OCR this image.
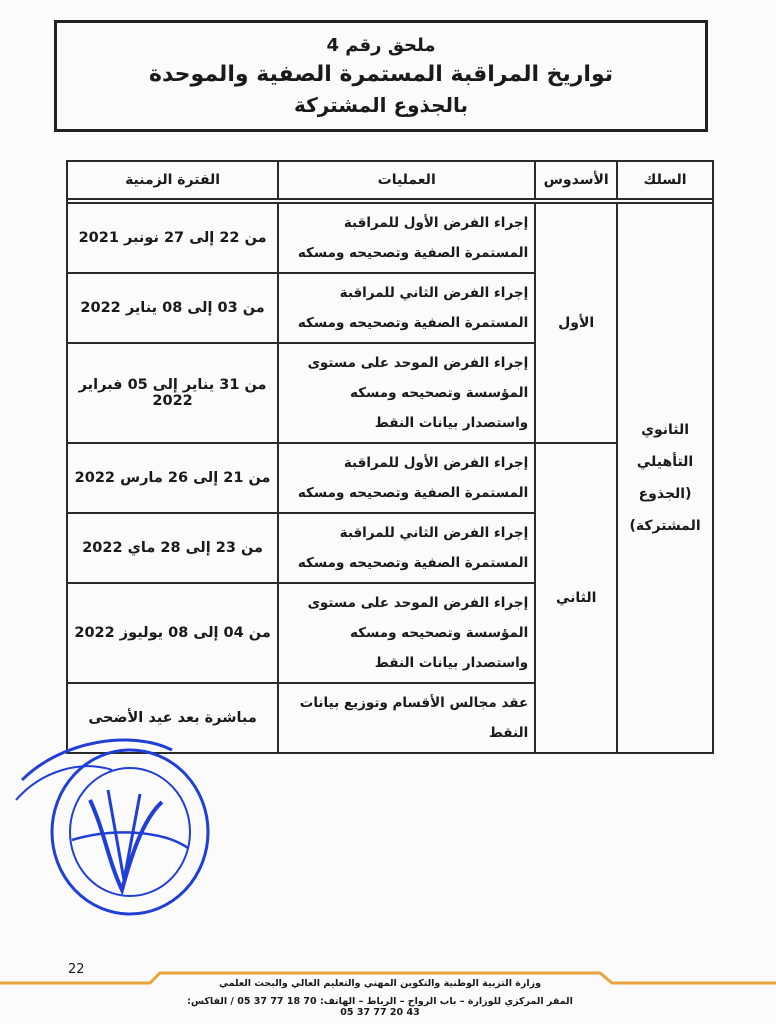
ملحق رقم 4
تواريخ المراقبة المستمرة الصفية والموحدة
بالجذوع المشتركة
السلك	الأسدوس	العمليات	الفترة الزمنية

الثانوي
التأهيلي
(الجذوع
المشتركة)	الأول	إجراء الفرض الأول للمراقبة المستمرة الصفية وتصحيحه ومسكه	من 22 إلى 27 نونبر 2021
		إجراء الفرض الثاني للمراقبة المستمرة الصفية وتصحيحه ومسكه	من 03 إلى 08 يناير 2022
		إجراء الفرض الموحد على مستوى المؤسسة وتصحيحه ومسكه واستصدار بيانات النقط	من 31 يناير إلى 05 فبراير 2022
	الثاني	إجراء الفرض الأول للمراقبة المستمرة الصفية وتصحيحه ومسكه	من 21 إلى 26 مارس 2022
		إجراء الفرض الثاني للمراقبة المستمرة الصفية وتصحيحه ومسكه	من 23 إلى 28 ماي 2022
		إجراء الفرض الموحد على مستوى المؤسسة وتصحيحه ومسكه واستصدار بيانات النقط	من 04 إلى 08 يوليوز 2022
		عقد مجالس الأقسام وتوزيع بيانات النقط	مباشرة بعد عيد الأضحى
22
وزارة التربية الوطنية والتكوين المهني والتعليم العالي والبحث العلمي
المقر المركزي للوزارة – باب الرواح – الرباط – الهاتف: 70 18 77 37 05 / الفاكس: 43 20 77 37 05
